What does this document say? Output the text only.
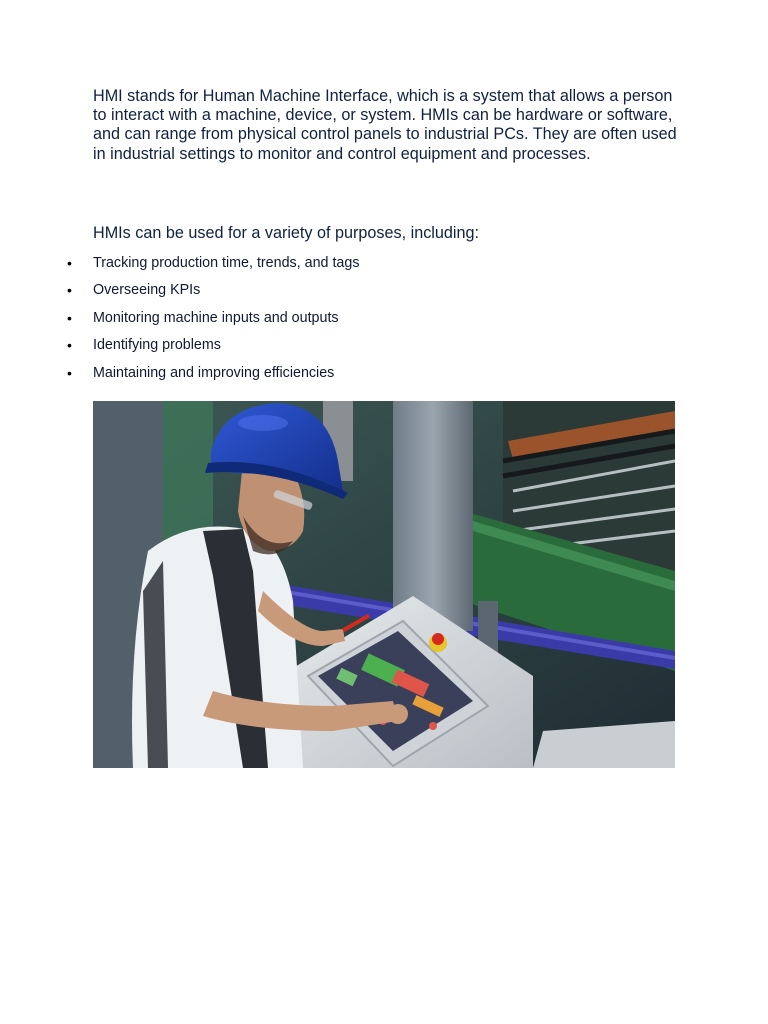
HMI stands for Human Machine Interface, which is a system that allows a person to interact with a machine, device, or system. HMIs can be hardware or software, and can range from physical control panels to industrial PCs. They are often used in industrial settings to monitor and control equipment and processes.

HMIs can be used for a variety of purposes, including:

• Tracking production time, trends, and tags
• Overseeing KPIs
• Monitoring machine inputs and outputs
• Identifying problems
• Maintaining and improving efficiencies
